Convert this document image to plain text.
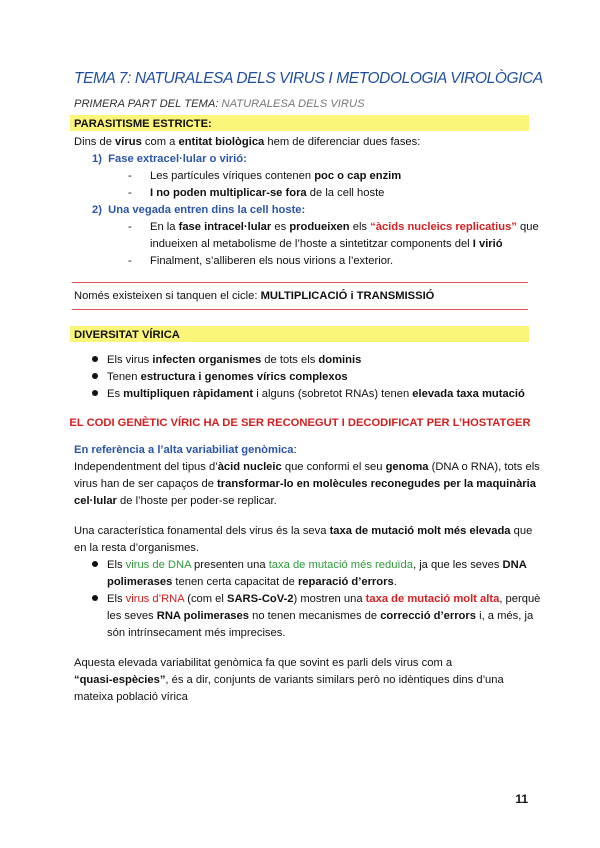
TEMA 7: NATURALESA DELS VIRUS I METODOLOGIA VIROLÒGICA
PRIMERA PART DEL TEMA: NATURALESA DELS VIRUS
PARASITISME ESTRICTE:
Dins de virus com a entitat biològica hem de diferenciar dues fases:
1) Fase extracel·lular o virió:
- Les partícules víriques contenen poc o cap enzim
- I no poden multiplicar-se fora de la cell hoste
2) Una vegada entren dins la cell hoste:
- En la fase intracel·lular es produeixen els “àcids nucleics replicatius” que
indueixen al metabolisme de l’hoste a sintetitzar components del I virió
- Finalment, s’alliberen els nous virions a l’exterior.
Només existeixen si tanquen el cicle: MULTIPLICACIÓ i TRANSMISSIÓ
DIVERSITAT VÍRICA
Els virus infecten organismes de tots els dominis
Tenen estructura i genomes vírics complexos
Es multipliquen ràpidament i alguns (sobretot RNAs) tenen elevada taxa mutació
EL CODI GENÈTIC VÍRIC HA DE SER RECONEGUT I DECODIFICAT PER L’HOSTATGER
En referència a l’alta variabiliat genòmica:
Independentment del tipus d’àcid nucleic que conformi el seu genoma (DNA o RNA), tots els
virus han de ser capaços de transformar-lo en molècules reconegudes per la maquinària
cel·lular de l’hoste per poder-se replicar.
Una característica fonamental dels virus és la seva taxa de mutació molt més elevada que
en la resta d’organismes.
Els virus de DNA presenten una taxa de mutació més reduïda, ja que les seves DNA
polimerases tenen certa capacitat de reparació d’errors.
Els virus d’RNA (com el SARS-CoV-2) mostren una taxa de mutació molt alta, perquè
les seves RNA polimerases no tenen mecanismes de correcció d’errors i, a més, ja
són intrínsecament més imprecises.
Aquesta elevada variabilitat genòmica fa que sovint es parli dels virus com a
“quasi-espècies”, és a dir, conjunts de variants similars però no idèntiques dins d’una
mateixa població vírica
11
